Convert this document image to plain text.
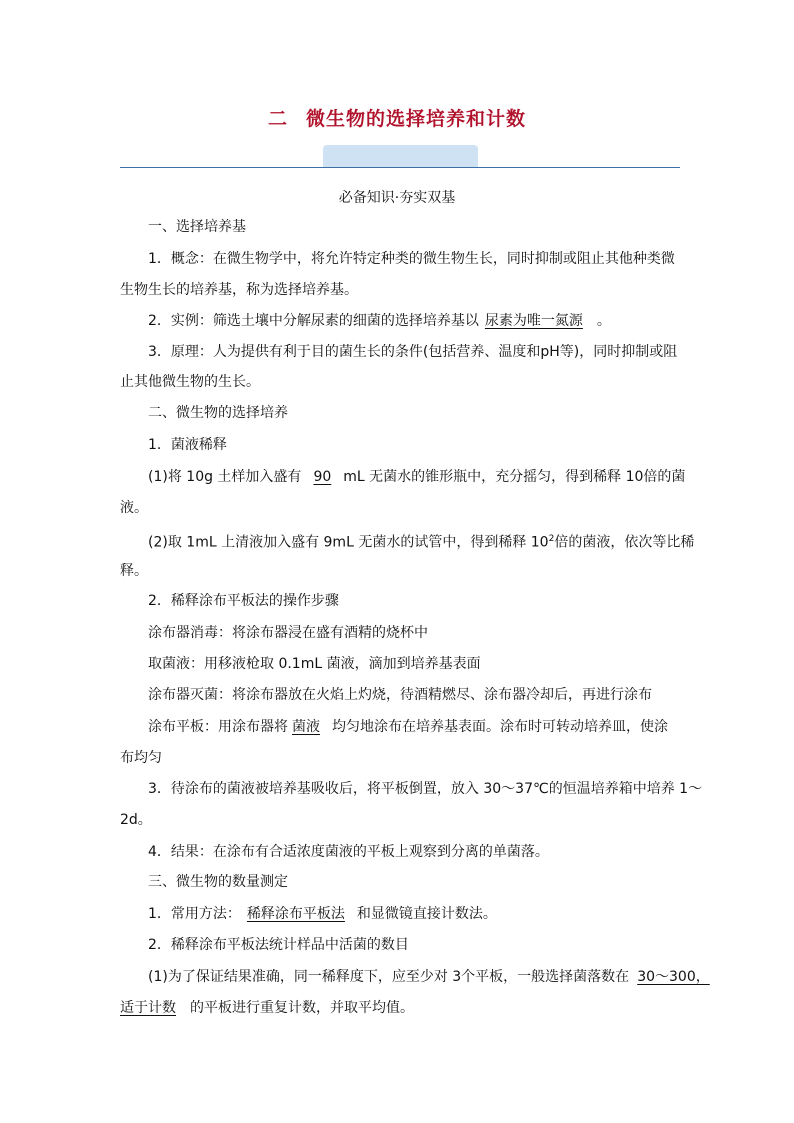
二 微生物的选择培养和计数
必备知识·夯实双基
一、选择培养基
1．概念：在微生物学中，将允许特定种类的微生物生长，同时抑制或阻止其他种类微
生物生长的培养基，称为选择培养基。
2．实例：筛选土壤中分解尿素的细菌的选择培养基以 尿素为唯一氮源 。
3．原理：人为提供有利于目的菌生长的条件(包括营养、温度和pH等)，同时抑制或阻
止其他微生物的生长。
二、微生物的选择培养
1．菌液稀释
(1)将 10g 土样加入盛有 90 mL 无菌水的锥形瓶中，充分摇匀，得到稀释 10倍的菌
液。
(2)取 1mL 上清液加入盛有 9mL 无菌水的试管中，得到稀释 $10^2$倍的菌液，依次等比稀
释。
2．稀释涂布平板法的操作步骤
涂布器消毒：将涂布器浸在盛有酒精的烧杯中
取菌液：用移液枪取 0.1mL 菌液，滴加到培养基表面
涂布器灭菌：将涂布器放在火焰上灼烧，待酒精燃尽、涂布器冷却后，再进行涂布
涂布平板：用涂布器将 菌液 均匀地涂布在培养基表面。涂布时可转动培养皿，使涂
布均匀
3．待涂布的菌液被培养基吸收后，将平板倒置，放入 30～37℃的恒温培养箱中培养 1～
2d。
4．结果：在涂布有合适浓度菌液的平板上观察到分离的单菌落。
三、微生物的数量测定
1．常用方法： 稀释涂布平板法 和显微镜直接计数法。
2．稀释涂布平板法统计样品中活菌的数目
(1)为了保证结果准确，同一稀释度下，应至少对 3个平板，一般选择菌落数在 30～300，
适于计数 的平板进行重复计数，并取平均值。
